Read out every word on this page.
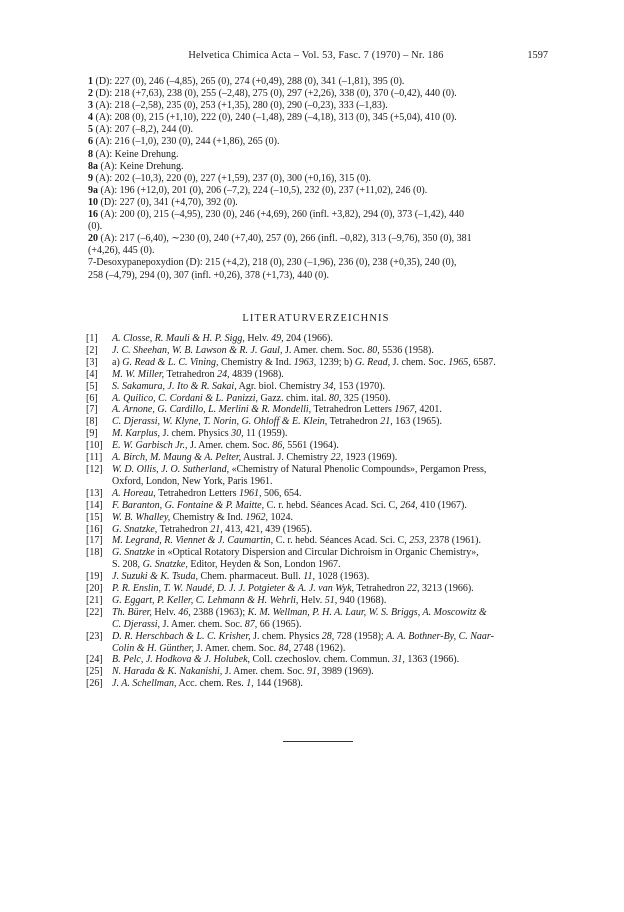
Helvetica Chimica Acta – Vol. 53, Fasc. 7 (1970) – Nr. 186	1597
1 (D): 227 (0), 246 (–4,85), 265 (0), 274 (+0,49), 288 (0), 341 (–1,81), 395 (0).
2 (D): 218 (+7,63), 238 (0), 255 (–2,48), 275 (0), 297 (+2,26), 338 (0), 370 (–0,42), 440 (0).
3 (A): 218 (–2,58), 235 (0), 253 (+1,35), 280 (0), 290 (–0,23), 333 (–1,83).
4 (A): 208 (0), 215 (+1,10), 222 (0), 240 (–1,48), 289 (–4,18), 313 (0), 345 (+5,04), 410 (0).
5 (A): 207 (–8,2), 244 (0).
6 (A): 216 (–1,0), 230 (0), 244 (+1,86), 265 (0).
8 (A): Keine Drehung.
8a (A): Keine Drehung.
9 (A): 202 (–10,3), 220 (0), 227 (+1,59), 237 (0), 300 (+0,16), 315 (0).
9a (A): 196 (+12,0), 201 (0), 206 (–7,2), 224 (–10,5), 232 (0), 237 (+11,02), 246 (0).
10 (D): 227 (0), 341 (+4,70), 392 (0).
16 (A): 200 (0), 215 (–4,95), 230 (0), 246 (+4,69), 260 (infl. +3,82), 294 (0), 373 (–1,42), 440
(0).
20 (A): 217 (–6,40), ∼230 (0), 240 (+7,40), 257 (0), 266 (infl. –0,82), 313 (–9,76), 350 (0), 381
(+4,26), 445 (0).
7-Desoxypanepoxydion (D): 215 (+4,2), 218 (0), 230 (–1,96), 236 (0), 238 (+0,35), 240 (0),
258 (–4,79), 294 (0), 307 (infl. +0,26), 378 (+1,73), 440 (0).
LITERATURVERZEICHNIS
[1]	A. Closse, R. Mauli & H. P. Sigg, Helv. 49, 204 (1966).
[2]	J. C. Sheehan, W. B. Lawson & R. J. Gaul, J. Amer. chem. Soc. 80, 5536 (1958).
[3]	a) G. Read & L. C. Vining, Chemistry & Ind. 1963, 1239; b) G. Read, J. chem. Soc. 1965, 6587.
[4]	M. W. Miller, Tetrahedron 24, 4839 (1968).
[5]	S. Sakamura, J. Ito & R. Sakai, Agr. biol. Chemistry 34, 153 (1970).
[6]	A. Quilico, C. Cordani & L. Panizzi, Gazz. chim. ital. 80, 325 (1950).
[7]	A. Arnone, G. Cardillo, L. Merlini & R. Mondelli, Tetrahedron Letters 1967, 4201.
[8]	C. Djerassi, W. Klyne, T. Norin, G. Ohloff & E. Klein, Tetrahedron 21, 163 (1965).
[9]	M. Karplus, J. chem. Physics 30, 11 (1959).
[10] E. W. Garbisch Jr., J. Amer. chem. Soc. 86, 5561 (1964).
[11] A. Birch, M. Maung & A. Pelter, Austral. J. Chemistry 22, 1923 (1969).
[12] W. D. Ollis, J. O. Sutherland, «Chemistry of Natural Phenolic Compounds», Pergamon Press,
Oxford, London, New York, Paris 1961.
[13] A. Horeau, Tetrahedron Letters 1961, 506, 654.
[14] F. Baranton, G. Fontaine & P. Maitte, C. r. hebd. Séances Acad. Sci. C, 264, 410 (1967).
[15] W. B. Whalley, Chemistry & Ind. 1962, 1024.
[16] G. Snatzke, Tetrahedron 21, 413, 421, 439 (1965).
[17] M. Legrand, R. Viennet & J. Caumartin, C. r. hebd. Séances Acad. Sci. C, 253, 2378 (1961).
[18] G. Snatzke in «Optical Rotatory Dispersion and Circular Dichroism in Organic Chemistry»,
S. 208, G. Snatzke, Editor, Heyden & Son, London 1967.
[19] J. Suzuki & K. Tsuda, Chem. pharmaceut. Bull. 11, 1028 (1963).
[20] P. R. Enslin, T. W. Naudé, D. J. J. Potgieter & A. J. van Wyk, Tetrahedron 22, 3213 (1966).
[21] G. Eggart, P. Keller, C. Lehmann & H. Wehrli, Helv. 51, 940 (1968).
[22] Th. Bürer, Helv. 46, 2388 (1963); K. M. Wellman, P. H. A. Laur, W. S. Briggs, A. Moscowitz &
C. Djerassi, J. Amer. chem. Soc. 87, 66 (1965).
[23] D. R. Herschbach & L. C. Krisher, J. chem. Physics 28, 728 (1958); A. A. Bothner-By, C. Naar-
Colin & H. Günther, J. Amer. chem. Soc. 84, 2748 (1962).
[24] B. Pelc, J. Hodkova & J. Holubek, Coll. czechoslov. chem. Commun. 31, 1363 (1966).
[25] N. Harada & K. Nakanishi, J. Amer. chem. Soc. 91, 3989 (1969).
[26] J. A. Schellman, Acc. chem. Res. 1, 144 (1968).
